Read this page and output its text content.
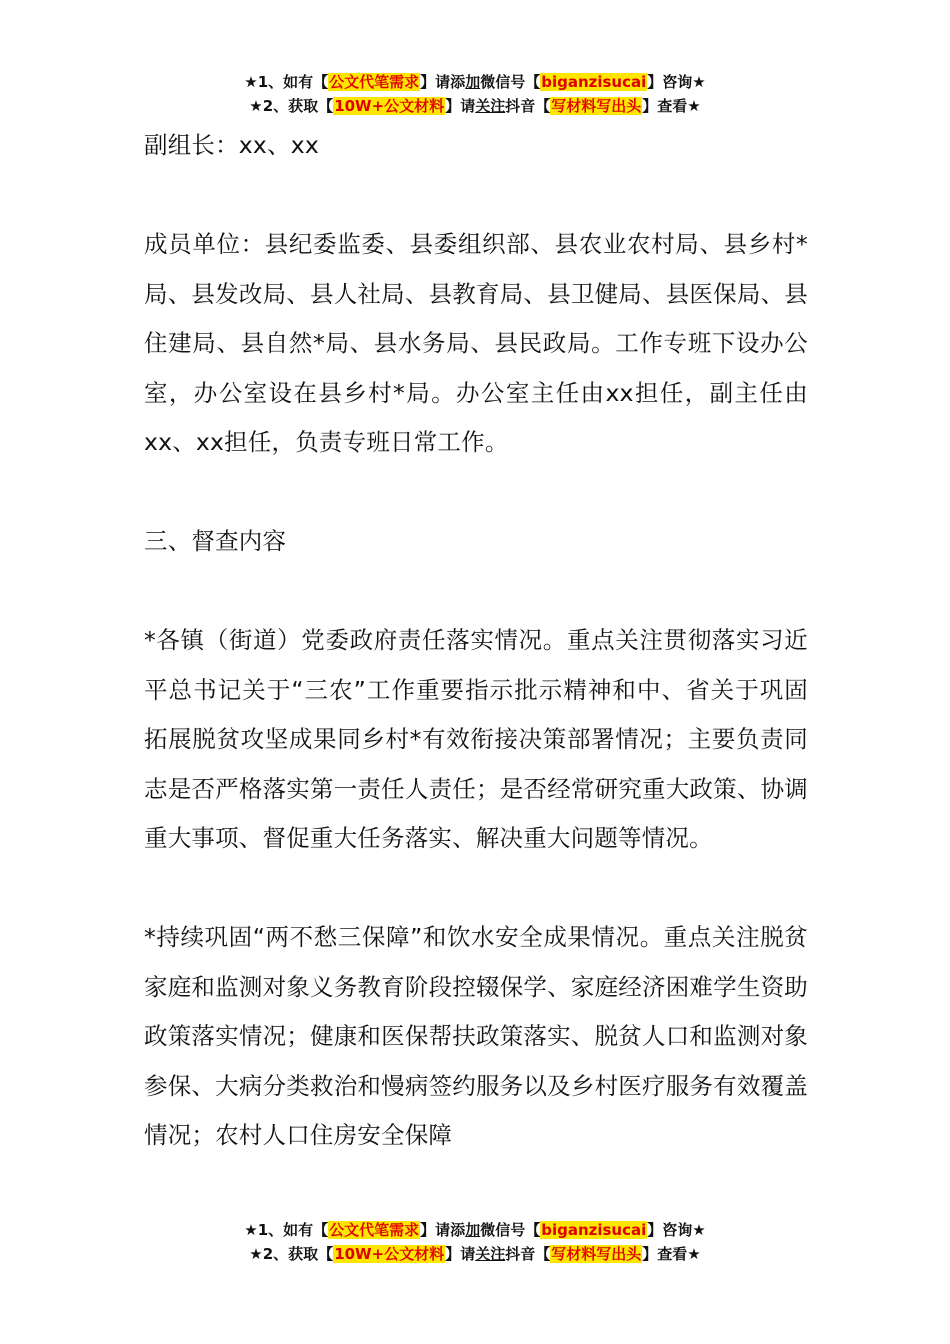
★1、如有【公文代笔需求】请添加微信号【biganzisucai】咨询★
★2、获取【10W+公文材料】请关注抖音【写材料写出头】查看★

副组长：xx、xx

成员单位：县纪委监委、县委组织部、县农业农村局、县乡村*局、县发改局、县人社局、县教育局、县卫健局、县医保局、县住建局、县自然*局、县水务局、县民政局。工作专班下设办公室，办公室设在县乡村*局。办公室主任由xx担任，副主任由xx、xx担任，负责专班日常工作。

三、督查内容

*各镇（街道）党委政府责任落实情况。重点关注贯彻落实习近平总书记关于“三农”工作重要指示批示精神和中、省关于巩固拓展脱贫攻坚成果同乡村*有效衔接决策部署情况；主要负责同志是否严格落实第一责任人责任；是否经常研究重大政策、协调重大事项、督促重大任务落实、解决重大问题等情况。

*持续巩固“两不愁三保障”和饮水安全成果情况。重点关注脱贫家庭和监测对象义务教育阶段控辍保学、家庭经济困难学生资助政策落实情况；健康和医保帮扶政策落实、脱贫人口和监测对象参保、大病分类救治和慢病签约服务以及乡村医疗服务有效覆盖情况；农村人口住房安全保障

★1、如有【公文代笔需求】请添加微信号【biganzisucai】咨询★
★2、获取【10W+公文材料】请关注抖音【写材料写出头】查看★
